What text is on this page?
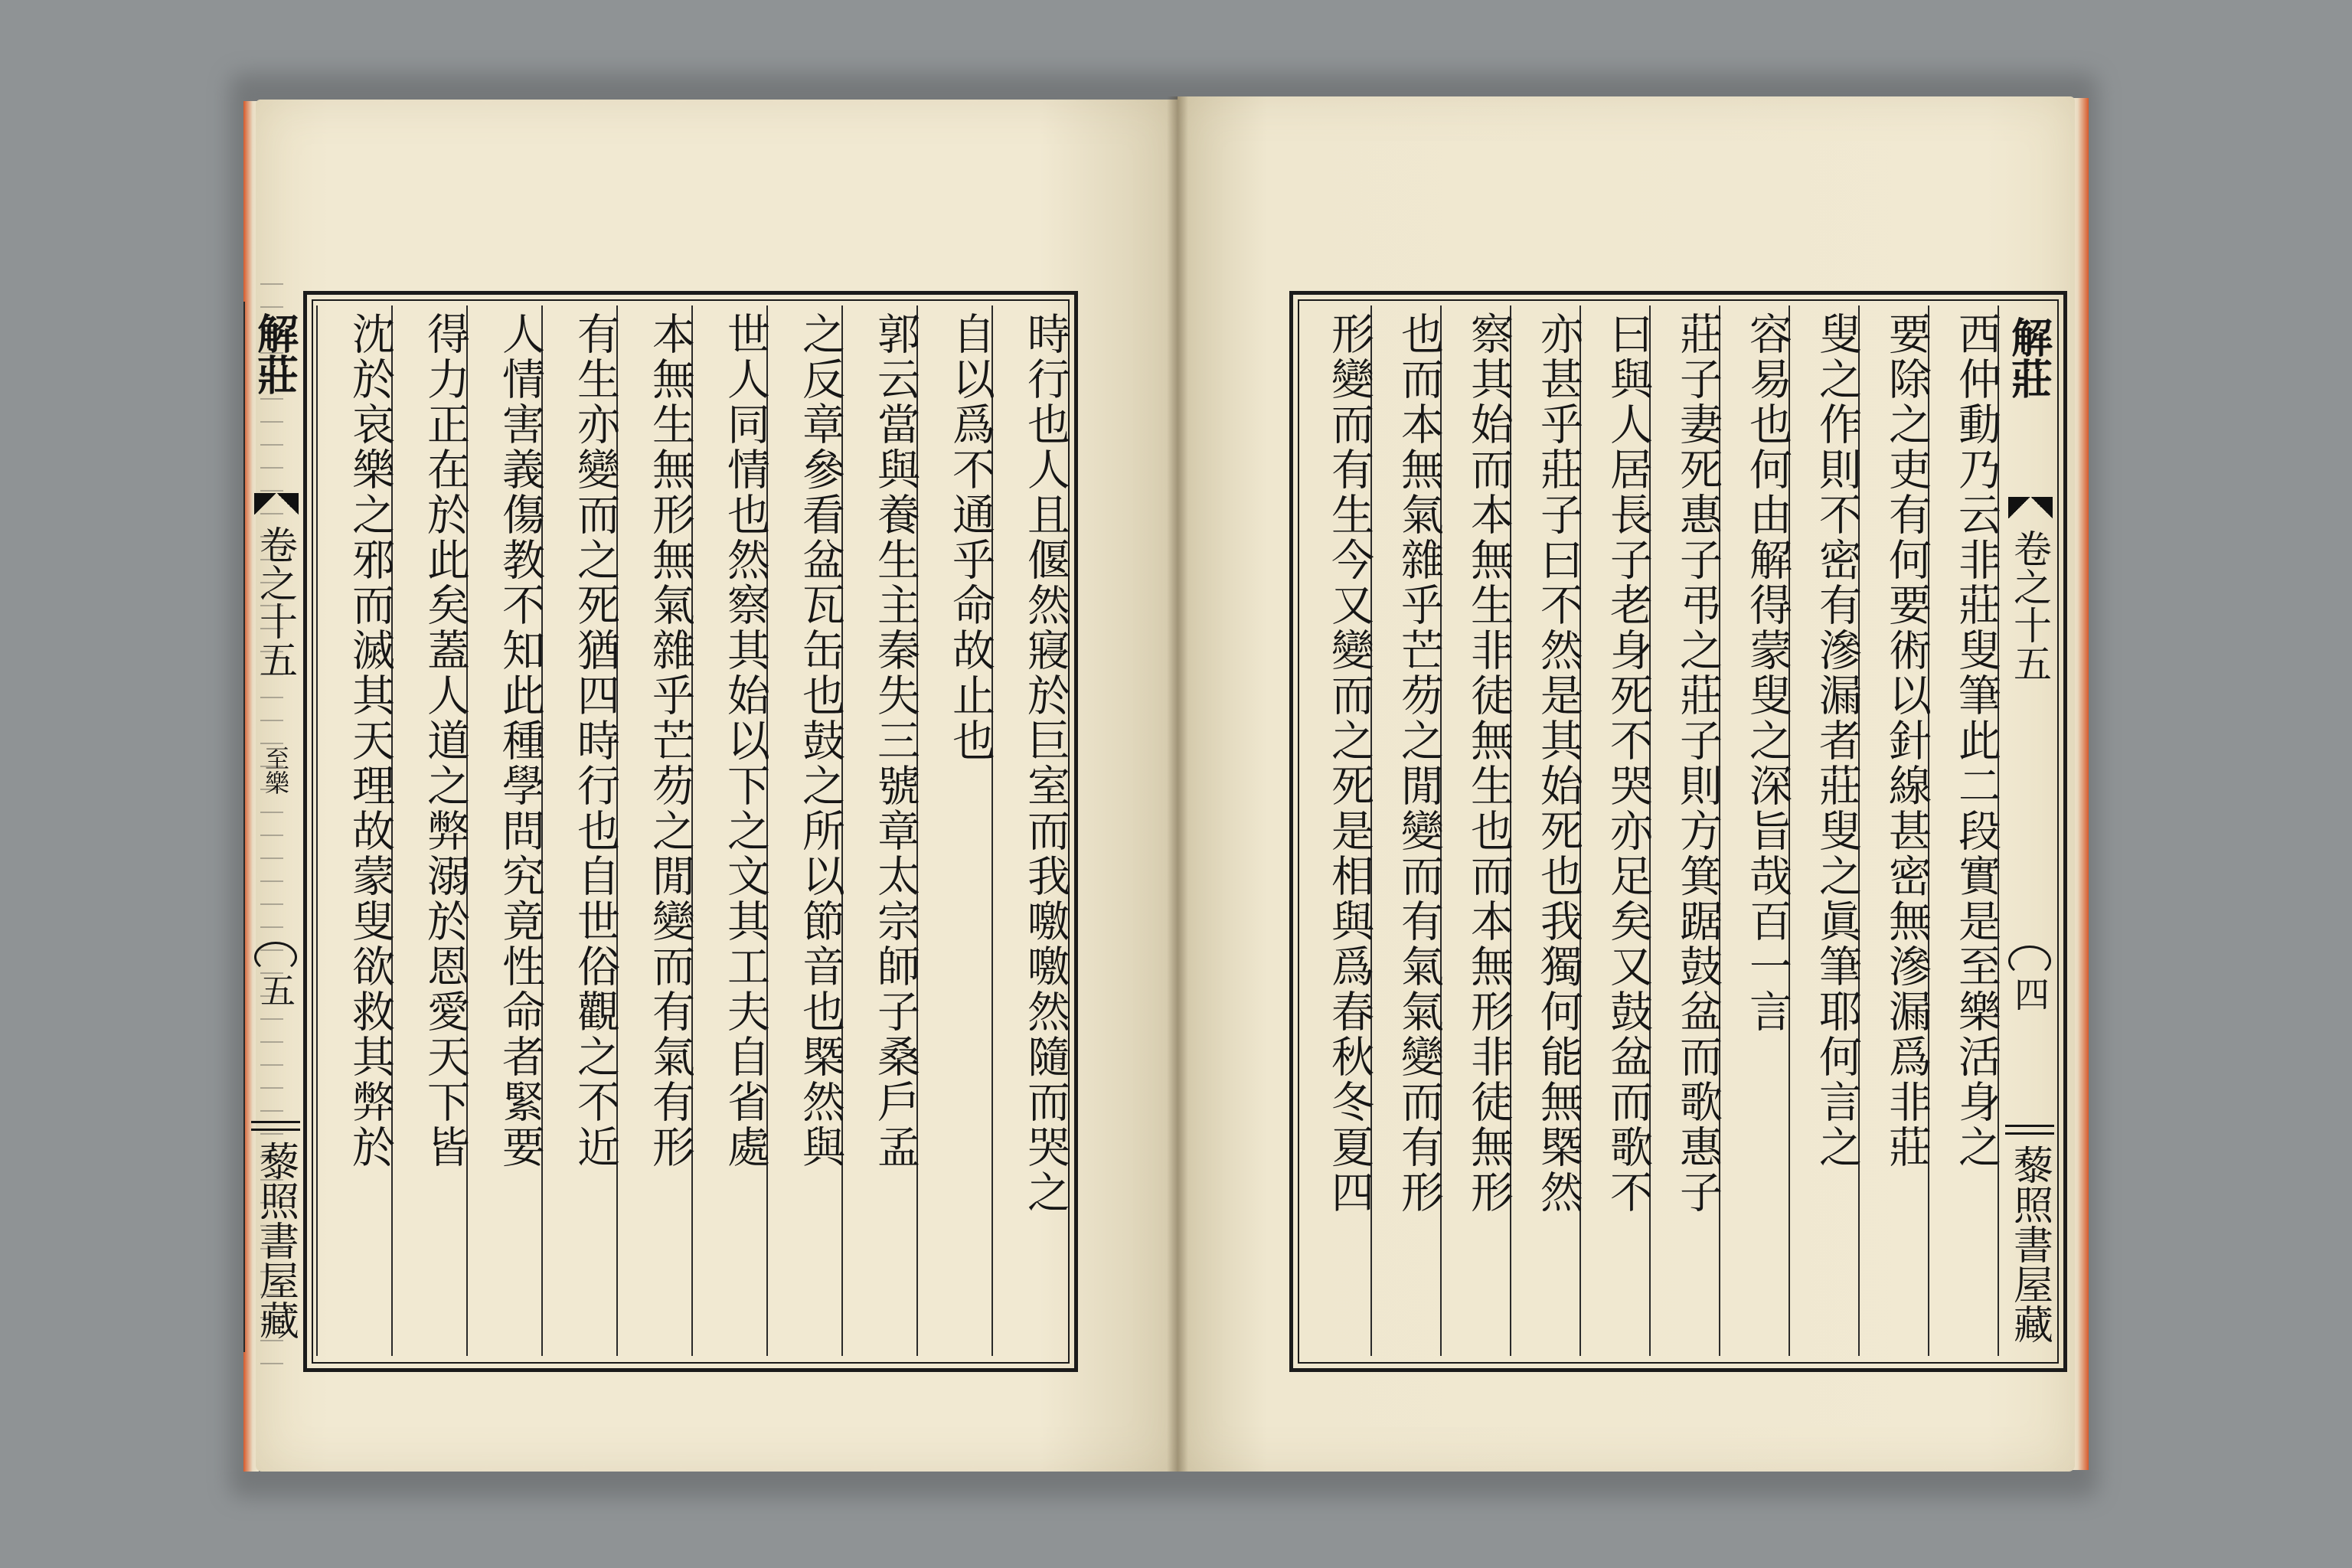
時行也人且偃然寢於巨室而我噭噭然隨而哭之
自以爲不通乎命故止也
郭云當與養生主秦失三號章太宗師子桑戶孟
之反章參看盆瓦缶也鼓之所以節音也槩然與
世人同情也然察其始以下之文其工夫自省處
本無生無形無氣雜乎芒芴之閒變而有氣有形
有生亦變而之死猶四時行也自世俗觀之不近
人情害義傷教不知此種學問究竟性命者緊要
得力正在於此矣蓋人道之弊溺於恩愛天下皆
沈於哀樂之邪而滅其天理故蒙叟欲救其弊於
解莊
卷之十五
至樂
五
藜照書屋藏
西仲動乃云非莊叟筆此二段實是至樂活身之
要除之吏有何要術以針線甚密無滲漏爲非莊
叟之作則不密有滲漏者莊叟之眞筆耶何言之
容易也何由解得蒙叟之深旨哉百一言
莊子妻死惠子弔之莊子則方箕踞鼓盆而歌惠子
曰與人居長子老身死不哭亦足矣又鼓盆而歌不
亦甚乎莊子曰不然是其始死也我獨何能無槩然
察其始而本無生非徒無生也而本無形非徒無形
也而本無氣雜乎芒芴之閒變而有氣氣變而有形
形變而有生今又變而之死是相與爲春秋冬夏四	解莊
卷之十五
四
藜照書屋藏
